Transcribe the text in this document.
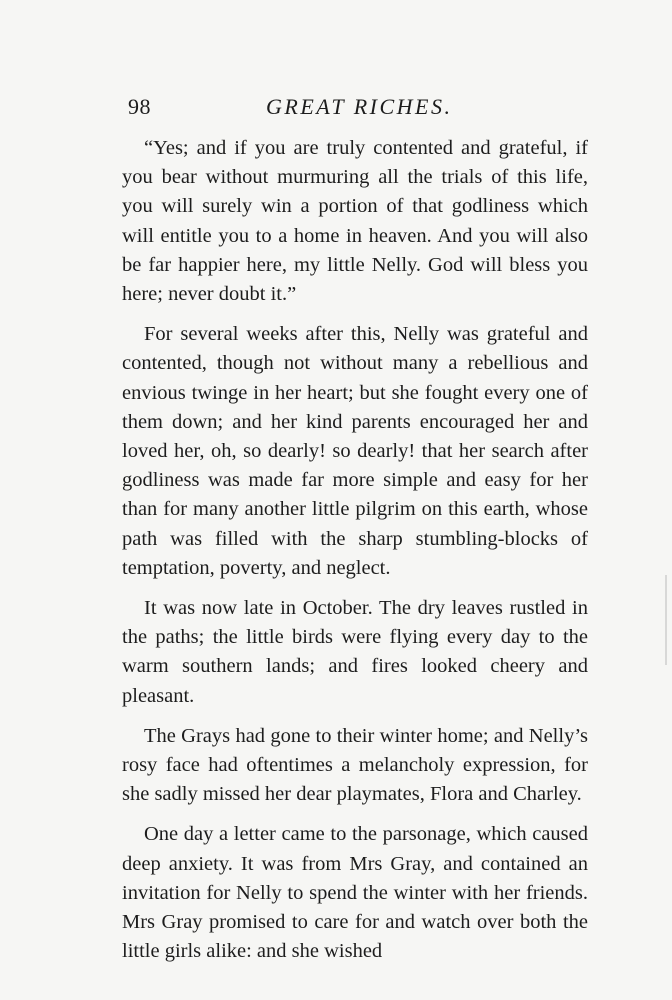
98	GREAT RICHES.

“Yes; and if you are truly contented and grateful, if you bear without murmuring all the trials of this life, you will surely win a portion of that godliness which will entitle you to a home in heaven. And you will also be far happier here, my little Nelly. God will bless you here; never doubt it.”

For several weeks after this, Nelly was grateful and contented, though not without many a rebellious and envious twinge in her heart; but she fought every one of them down; and her kind parents encouraged her and loved her, oh, so dearly! so dearly! that her search after godliness was made far more simple and easy for her than for many another little pilgrim on this earth, whose path was filled with the sharp stumbling-blocks of temptation, poverty, and neglect.

It was now late in October. The dry leaves rustled in the paths; the little birds were flying every day to the warm southern lands; and fires looked cheery and pleasant.

The Grays had gone to their winter home; and Nelly’s rosy face had oftentimes a melancholy expression, for she sadly missed her dear playmates, Flora and Charley.

One day a letter came to the parsonage, which caused deep anxiety. It was from Mrs Gray, and contained an invitation for Nelly to spend the winter with her friends. Mrs Gray promised to care for and watch over both the little girls alike: and she wished
